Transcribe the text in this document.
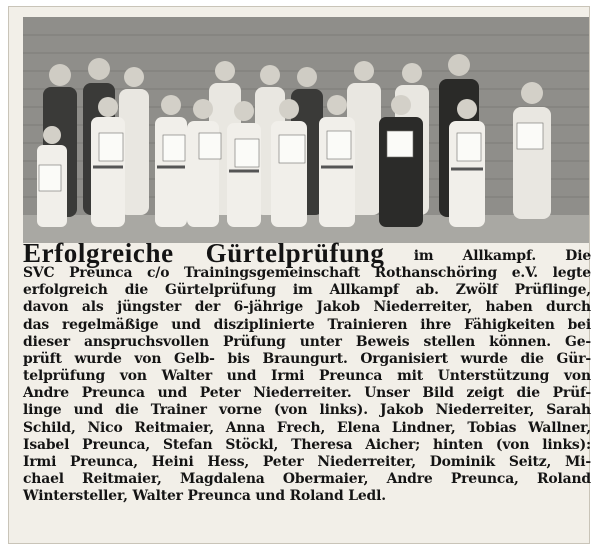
Erfolgreiche Gürtelprüfung im Allkampf. Die
SVC Preunca c/o Trainingsgemeinschaft Rothanschöring e.V. legte
erfolgreich die Gürtelprüfung im Allkampf ab. Zwölf Prüflinge,
davon als jüngster der 6-jährige Jakob Niederreiter, haben durch
das regelmäßige und disziplinierte Trainieren ihre Fähigkeiten bei
dieser anspruchsvollen Prüfung unter Beweis stellen können. Ge-
prüft wurde von Gelb- bis Braungurt. Organisiert wurde die Gür-
telprüfung von Walter und Irmi Preunca mit Unterstützung von
Andre Preunca und Peter Niederreiter. Unser Bild zeigt die Prüf-
linge und die Trainer vorne (von links). Jakob Niederreiter, Sarah
Schild, Nico Reitmaier, Anna Frech, Elena Lindner, Tobias Wallner,
Isabel Preunca, Stefan Stöckl, Theresa Aicher; hinten (von links):
Irmi Preunca, Heini Hess, Peter Niederreiter, Dominik Seitz, Mi-
chael Reitmaier, Magdalena Obermaier, Andre Preunca, Roland
Wintersteller, Walter Preunca und Roland Ledl.
